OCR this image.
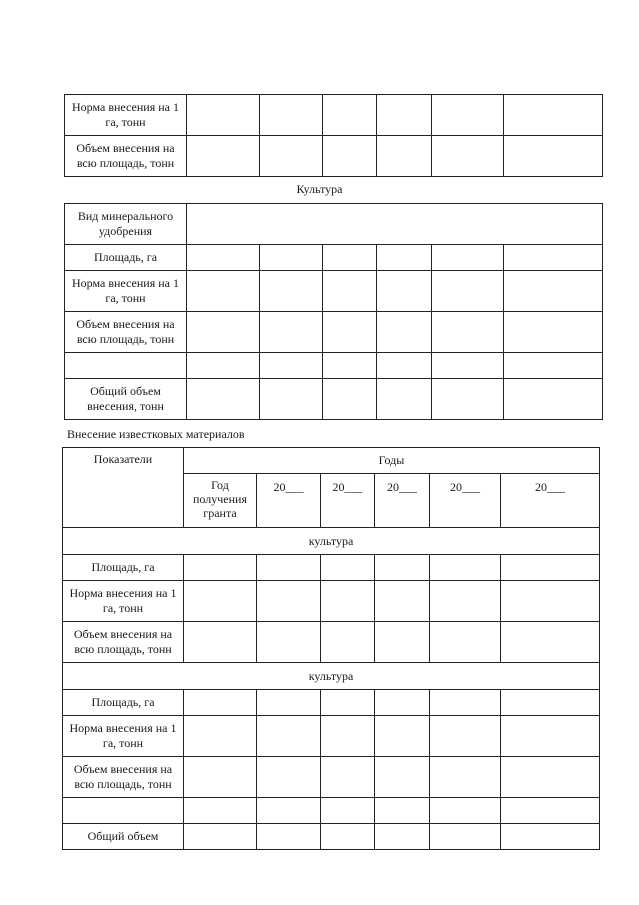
Норма внесения на 1 га, тонн						
Объем внесения на всю площадь, тонн						
Культура
Вид минерального удобрения						
Площадь, га						
Норма внесения на 1 га, тонн						
Объем внесения на всю площадь, тонн						

Общий объем внесения, тонн						
Внесение известковых материалов
Показатели	Годы					
	Год получения гранта	20___	20___	20___	20___	20___
культура						
Площадь, га						
Норма внесения на 1 га, тонн						
Объем внесения на всю площадь, тонн						
культура						
Площадь, га						
Норма внесения на 1 га, тонн						
Объем внесения на всю площадь, тонн						

Общий объем						
